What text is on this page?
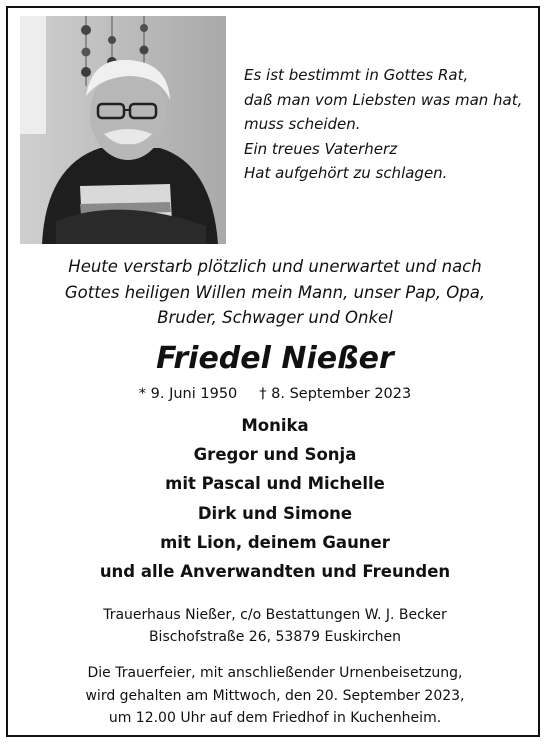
Es ist bestimmt in Gottes Rat,
daß man vom Liebsten was man hat,
muss scheiden.
Ein treues Vaterherz
Hat aufgehört zu schlagen.
Heute verstarb plötzlich und unerwartet und nach
Gottes heiligen Willen mein Mann, unser Pap, Opa,
Bruder, Schwager und Onkel
Friedel Nießer
* 9. Juni 1950 † 8. September 2023
Monika
Gregor und Sonja
mit Pascal und Michelle
Dirk und Simone
mit Lion, deinem Gauner
und alle Anverwandten und Freunden
Trauerhaus Nießer, c/o Bestattungen W. J. Becker
Bischofstraße 26, 53879 Euskirchen
Die Trauerfeier, mit anschließender Urnenbeisetzung,
wird gehalten am Mittwoch, den 20. September 2023,
um 12.00 Uhr auf dem Friedhof in Kuchenheim.
